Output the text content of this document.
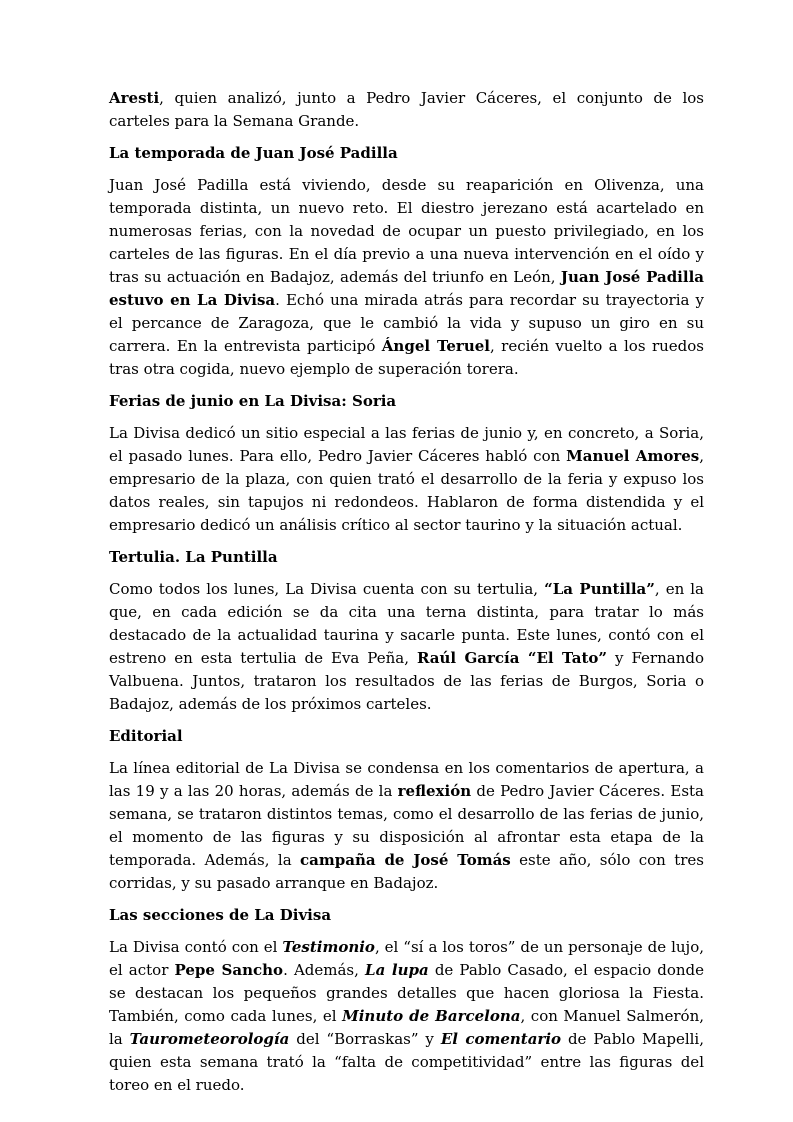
Aresti, quien analizó, junto a Pedro Javier Cáceres, el conjunto de los carteles para la Semana Grande.

La temporada de Juan José Padilla

Juan José Padilla está viviendo, desde su reaparición en Olivenza, una temporada distinta, un nuevo reto. El diestro jerezano está acartelado en numerosas ferias, con la novedad de ocupar un puesto privilegiado, en los carteles de las figuras. En el día previo a una nueva intervención en el oído y tras su actuación en Badajoz, además del triunfo en León, Juan José Padilla estuvo en La Divisa. Echó una mirada atrás para recordar su trayectoria y el percance de Zaragoza, que le cambió la vida y supuso un giro en su carrera. En la entrevista participó Ángel Teruel, recién vuelto a los ruedos tras otra cogida, nuevo ejemplo de superación torera.

Ferias de junio en La Divisa: Soria

La Divisa dedicó un sitio especial a las ferias de junio y, en concreto, a Soria, el pasado lunes. Para ello, Pedro Javier Cáceres habló con Manuel Amores, empresario de la plaza, con quien trató el desarrollo de la feria y expuso los datos reales, sin tapujos ni redondeos. Hablaron de forma distendida y el empresario dedicó un análisis crítico al sector taurino y la situación actual.

Tertulia. La Puntilla

Como todos los lunes, La Divisa cuenta con su tertulia, “La Puntilla”, en la que, en cada edición se da cita una terna distinta, para tratar lo más destacado de la actualidad taurina y sacarle punta. Este lunes, contó con el estreno en esta tertulia de Eva Peña, Raúl García “El Tato” y Fernando Valbuena. Juntos, trataron los resultados de las ferias de Burgos, Soria o Badajoz, además de los próximos carteles.

Editorial

La línea editorial de La Divisa se condensa en los comentarios de apertura, a las 19 y a las 20 horas, además de la reflexión de Pedro Javier Cáceres. Esta semana, se trataron distintos temas, como el desarrollo de las ferias de junio, el momento de las figuras y su disposición al afrontar esta etapa de la temporada. Además, la campaña de José Tomás este año, sólo con tres corridas, y su pasado arranque en Badajoz.

Las secciones de La Divisa

La Divisa contó con el Testimonio, el “sí a los toros” de un personaje de lujo, el actor Pepe Sancho. Además, La lupa de Pablo Casado, el espacio donde se destacan los pequeños grandes detalles que hacen gloriosa la Fiesta. También, como cada lunes, el Minuto de Barcelona, con Manuel Salmerón, la Taurometeorología del “Borraskas” y El comentario de Pablo Mapelli, quien esta semana trató la “falta de competitividad” entre las figuras del toreo en el ruedo.
